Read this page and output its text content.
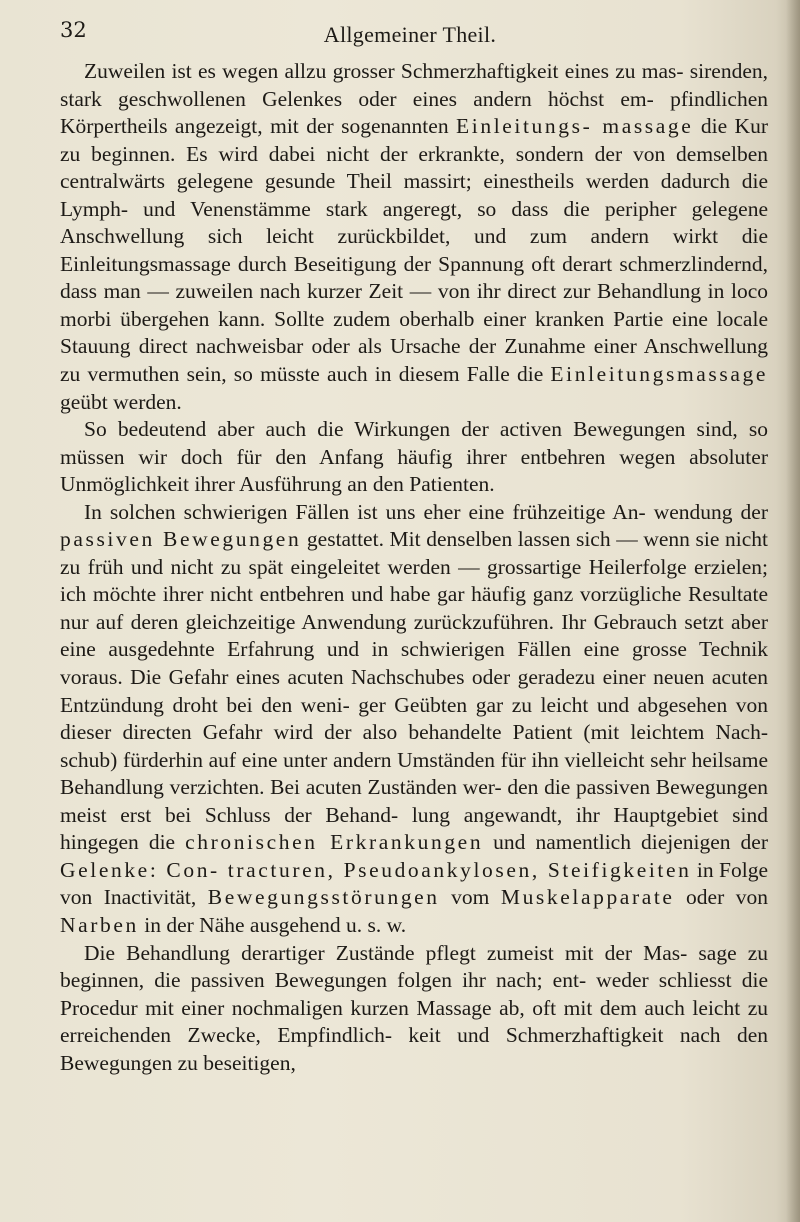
32	Allgemeiner Theil.

Zuweilen ist es wegen allzu grosser Schmerzhaftigkeit eines zu mas- sirenden, stark geschwollenen Gelenkes oder eines andern höchst em- pfindlichen Körpertheils angezeigt, mit der sogenannten Einleitungs- massage die Kur zu beginnen. Es wird dabei nicht der erkrankte, sondern der von demselben centralwärts gelegene gesunde Theil massirt; einestheils werden dadurch die Lymph- und Venenstämme stark angeregt, so dass die peripher gelegene Anschwellung sich leicht zurückbildet, und zum andern wirkt die Einleitungsmassage durch Beseitigung der Spannung oft derart schmerzlindernd, dass man — zuweilen nach kurzer Zeit — von ihr direct zur Behandlung in loco morbi übergehen kann. Sollte zudem oberhalb einer kranken Partie eine locale Stauung direct nachweisbar oder als Ursache der Zunahme einer Anschwellung zu vermuthen sein, so müsste auch in diesem Falle die Einleitungsmassage geübt werden.

So bedeutend aber auch die Wirkungen der activen Bewegungen sind, so müssen wir doch für den Anfang häufig ihrer entbehren wegen absoluter Unmöglichkeit ihrer Ausführung an den Patienten.

In solchen schwierigen Fällen ist uns eher eine frühzeitige An- wendung der passiven Bewegungen gestattet. Mit denselben lassen sich — wenn sie nicht zu früh und nicht zu spät eingeleitet werden — grossartige Heilerfolge erzielen; ich möchte ihrer nicht entbehren und habe gar häufig ganz vorzügliche Resultate nur auf deren gleichzeitige Anwendung zurückzuführen. Ihr Gebrauch setzt aber eine ausgedehnte Erfahrung und in schwierigen Fällen eine grosse Technik voraus. Die Gefahr eines acuten Nachschubes oder geradezu einer neuen acuten Entzündung droht bei den weni- ger Geübten gar zu leicht und abgesehen von dieser directen Gefahr wird der also behandelte Patient (mit leichtem Nach- schub) fürderhin auf eine unter andern Umständen für ihn vielleicht sehr heilsame Behandlung verzichten. Bei acuten Zuständen wer- den die passiven Bewegungen meist erst bei Schluss der Behand- lung angewandt, ihr Hauptgebiet sind hingegen die chronischen Erkrankungen und namentlich diejenigen der Gelenke: Con- tracturen, Pseudoankylosen, Steifigkeiten in Folge von Inactivität, Bewegungsstörungen vom Muskelapparate oder von Narben in der Nähe ausgehend u. s. w.

Die Behandlung derartiger Zustände pflegt zumeist mit der Mas- sage zu beginnen, die passiven Bewegungen folgen ihr nach; ent- weder schliesst die Procedur mit einer nochmaligen kurzen Massage ab, oft mit dem auch leicht zu erreichenden Zwecke, Empfindlich- keit und Schmerzhaftigkeit nach den Bewegungen zu beseitigen,
